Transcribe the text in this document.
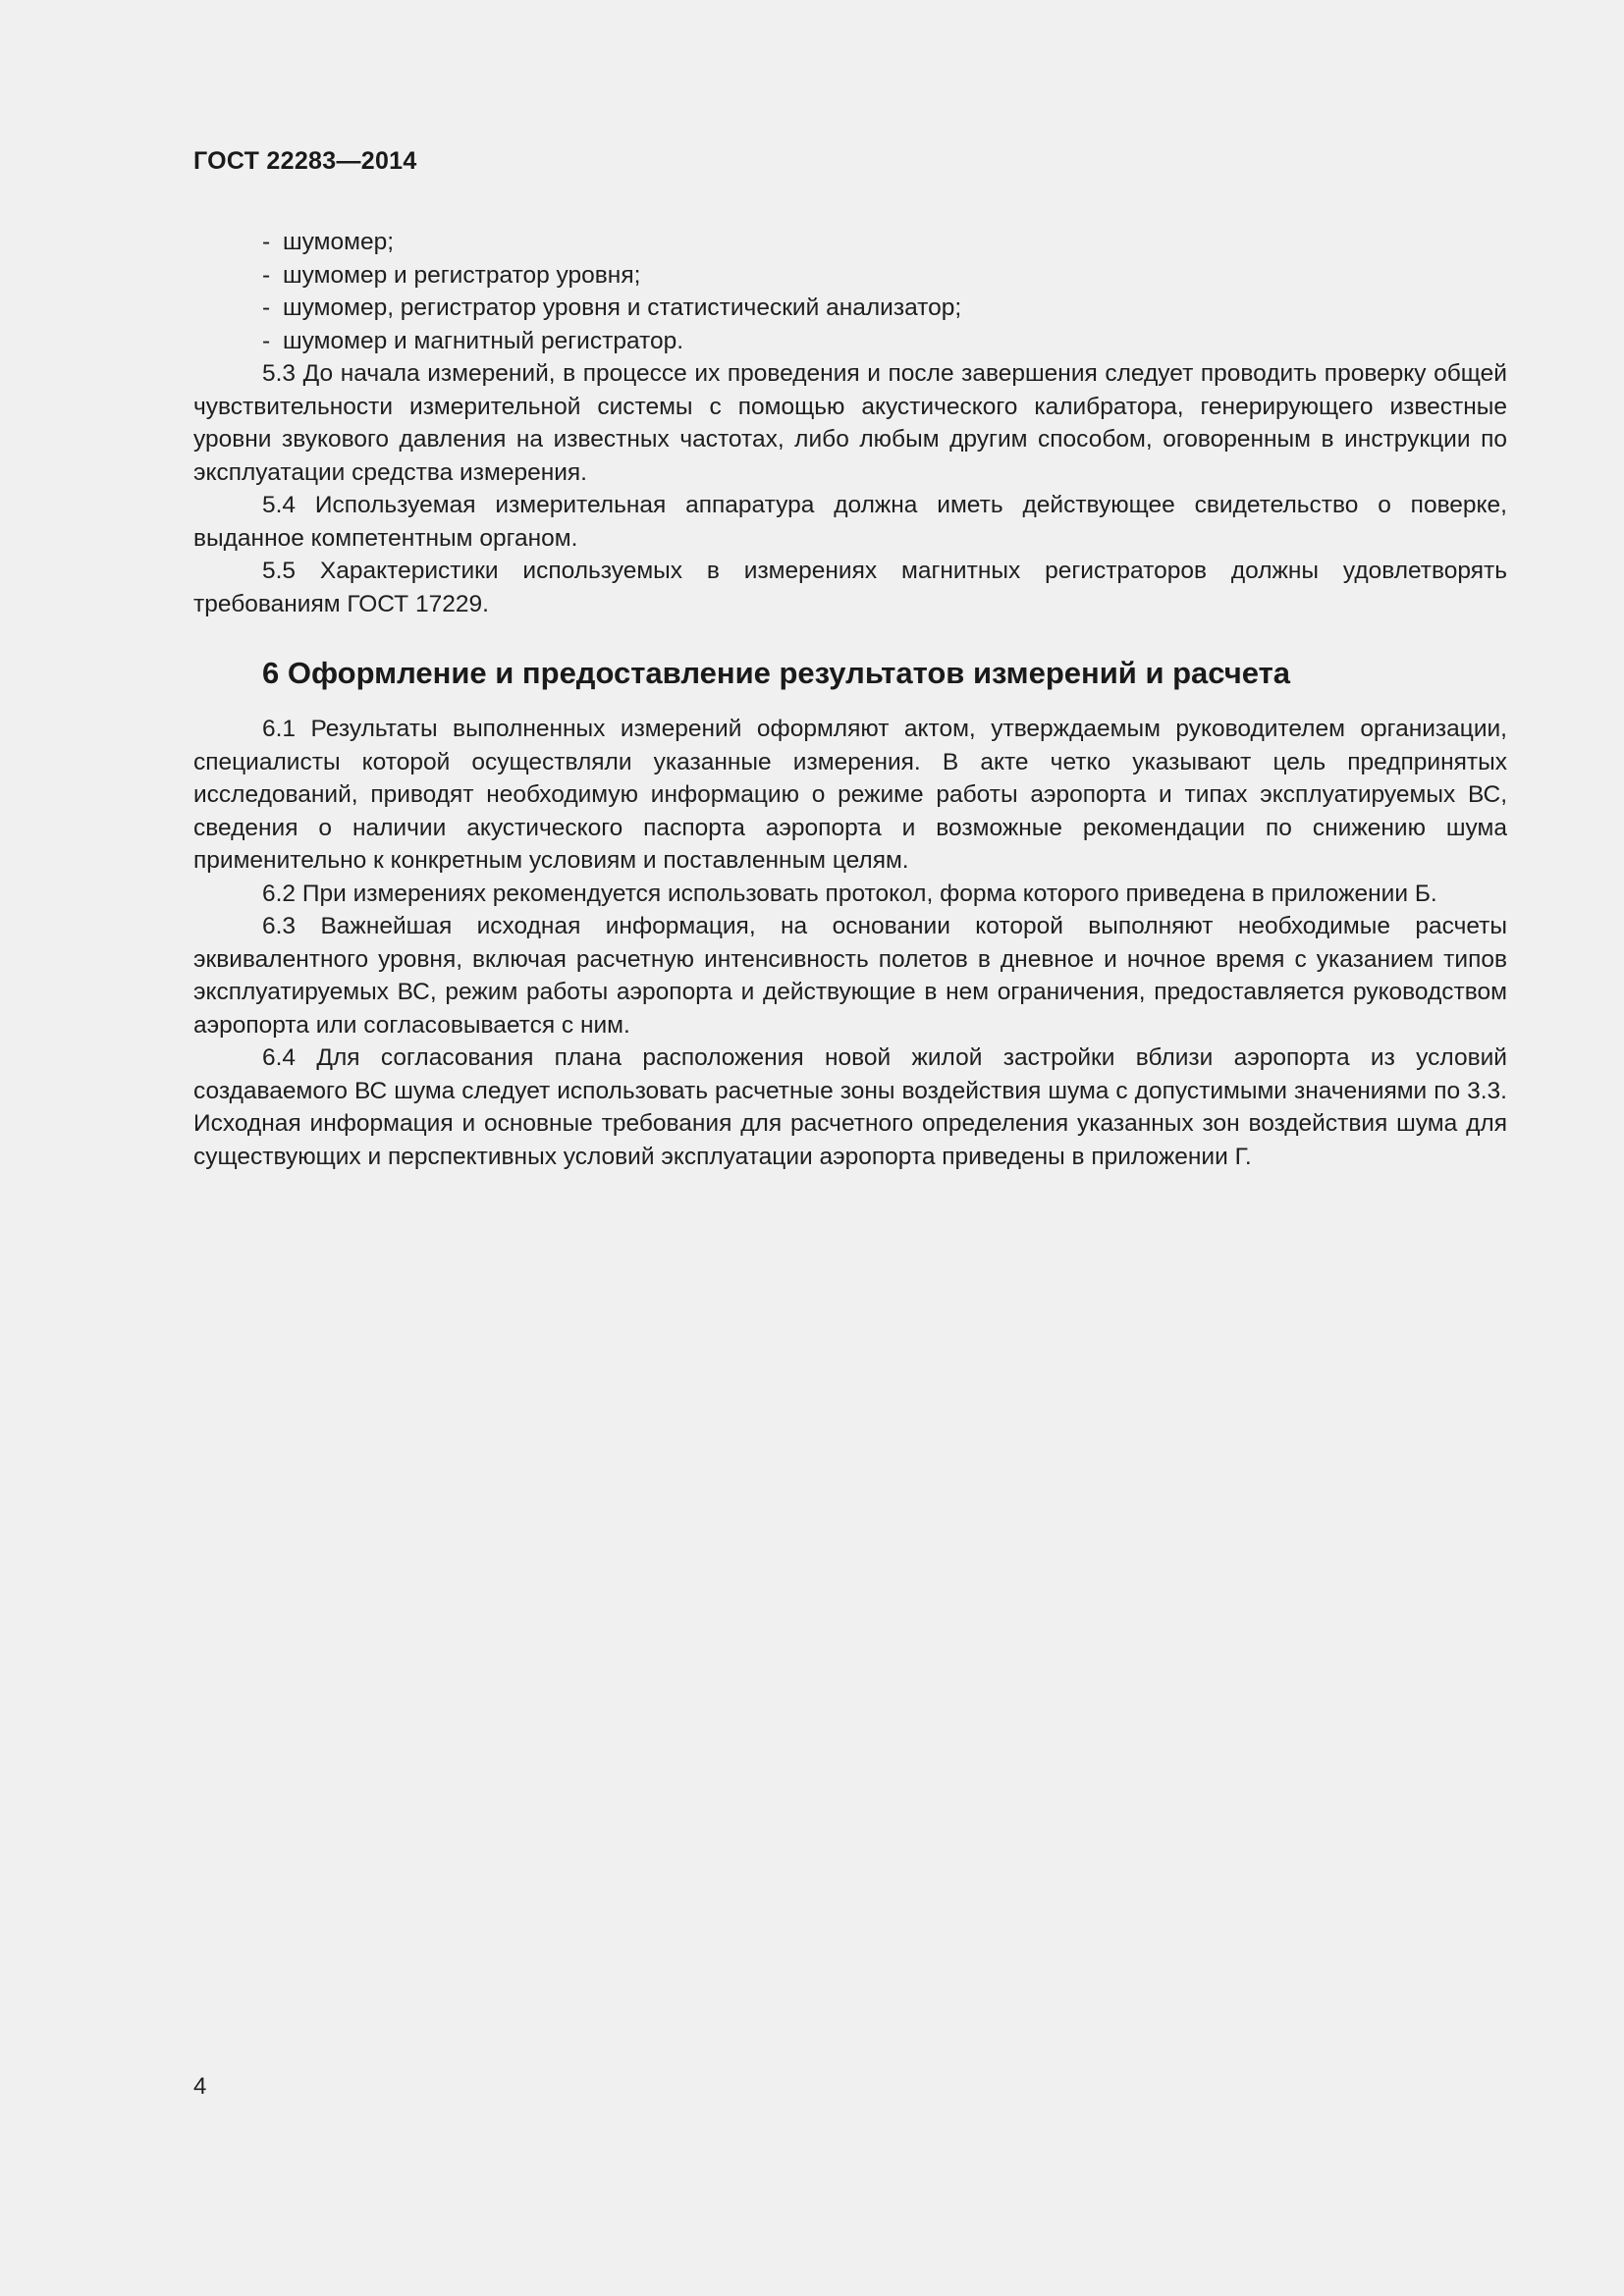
ГОСТ 22283—2014
- шумомер;
- шумомер и регистратор уровня;
- шумомер, регистратор уровня и статистический анализатор;
- шумомер и магнитный регистратор.

5.3 До начала измерений, в процессе их проведения и после завершения следует проводить проверку общей чувствительности измерительной системы с помощью акустического калибратора, генерирующего известные уровни звукового давления на известных частотах, либо любым другим способом, оговоренным в инструкции по эксплуатации средства измерения.

5.4 Используемая измерительная аппаратура должна иметь действующее свидетельство о поверке, выданное компетентным органом.

5.5 Характеристики используемых в измерениях магнитных регистраторов должны удовлетворять требованиям ГОСТ 17229.

6 Оформление и предоставление результатов измерений и расчета

6.1 Результаты выполненных измерений оформляют актом, утверждаемым руководителем организации, специалисты которой осуществляли указанные измерения. В акте четко указывают цель предпринятых исследований, приводят необходимую информацию о режиме работы аэропорта и типах эксплуатируемых ВС, сведения о наличии акустического паспорта аэропорта и возможные рекомендации по снижению шума применительно к конкретным условиям и поставленным целям.

6.2 При измерениях рекомендуется использовать протокол, форма которого приведена в приложении Б.

6.3 Важнейшая исходная информация, на основании которой выполняют необходимые расчеты эквивалентного уровня, включая расчетную интенсивность полетов в дневное и ночное время с указанием типов эксплуатируемых ВС, режим работы аэропорта и действующие в нем ограничения, предоставляется руководством аэропорта или согласовывается с ним.

6.4 Для согласования плана расположения новой жилой застройки вблизи аэропорта из условий создаваемого ВС шума следует использовать расчетные зоны воздействия шума с допустимыми значениями по 3.3. Исходная информация и основные требования для расчетного определения указанных зон воздействия шума для существующих и перспективных условий эксплуатации аэропорта приведены в приложении Г.

4
